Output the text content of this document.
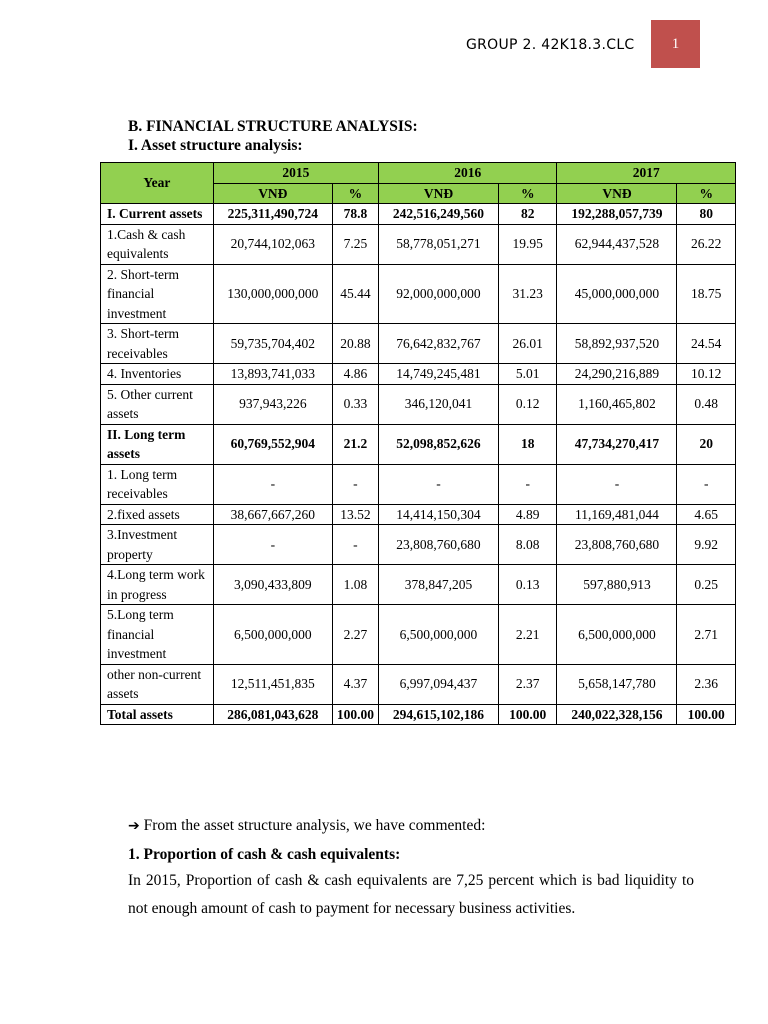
GROUP 2. 42K18.3.CLC 1
B. FINANCIAL STRUCTURE ANALYSIS:
I. Asset structure analysis:
Year	2015		2016		2017	
	VNĐ	%	VNĐ	%	VNĐ	%
I. Current assets	225,311,490,724	78.8	242,516,249,560	82	192,288,057,739	80
1.Cash & cash equivalents	20,744,102,063	7.25	58,778,051,271	19.95	62,944,437,528	26.22
2. Short-term financial investment	130,000,000,000	45.44	92,000,000,000	31.23	45,000,000,000	18.75
3. Short-term receivables	59,735,704,402	20.88	76,642,832,767	26.01	58,892,937,520	24.54
4. Inventories	13,893,741,033	4.86	14,749,245,481	5.01	24,290,216,889	10.12
5. Other current assets	937,943,226	0.33	346,120,041	0.12	1,160,465,802	0.48
II. Long term assets	60,769,552,904	21.2	52,098,852,626	18	47,734,270,417	20
1. Long term receivables	-	-	-	-	-	-
2.fixed assets	38,667,667,260	13.52	14,414,150,304	4.89	11,169,481,044	4.65
3.Investment property	-	-	23,808,760,680	8.08	23,808,760,680	9.92
4.Long term work in progress	3,090,433,809	1.08	378,847,205	0.13	597,880,913	0.25
5.Long term financial investment	6,500,000,000	2.27	6,500,000,000	2.21	6,500,000,000	2.71
other non-current assets	12,511,451,835	4.37	6,997,094,437	2.37	5,658,147,780	2.36
Total assets	286,081,043,628	100.00	294,615,102,186	100.00	240,022,328,156	100.00
➔ From the asset structure analysis, we have commented:
1. Proportion of cash & cash equivalents:
In 2015, Proportion of cash & cash equivalents are 7,25 percent which is bad liquidity to not enough amount of cash to payment for necessary business activities.
